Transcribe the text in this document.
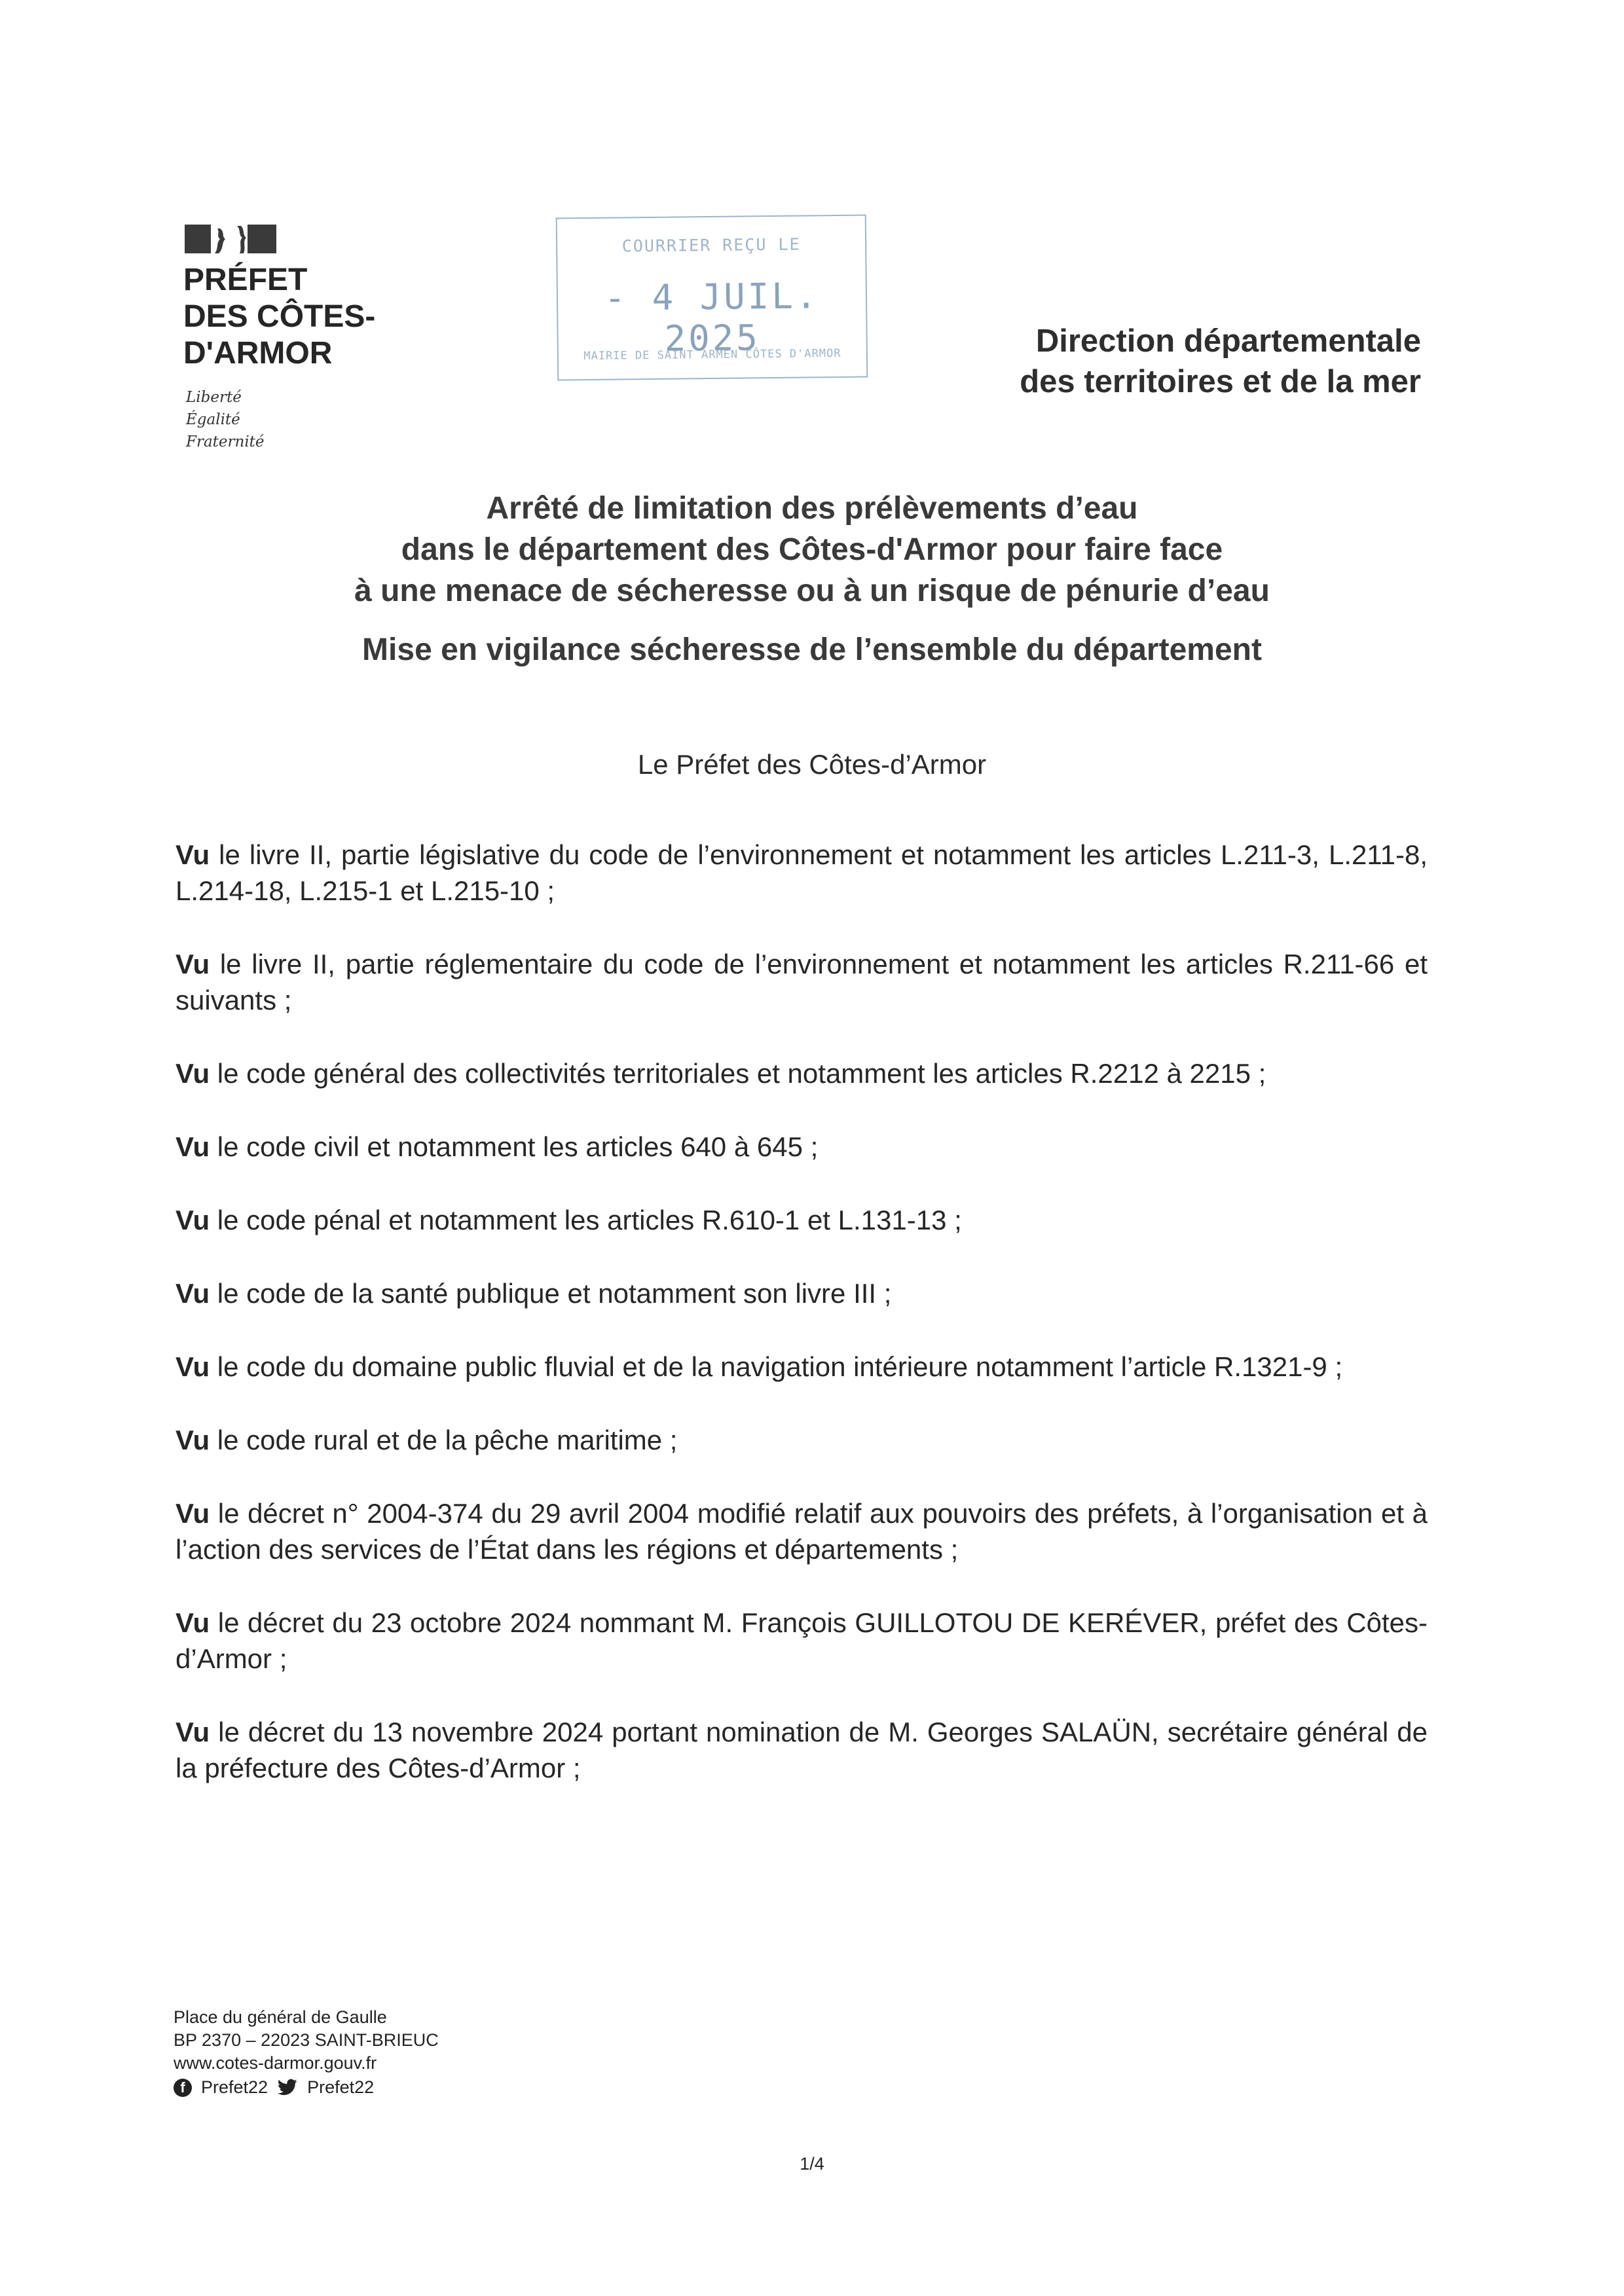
PRÉFET
DES CÔTES-
D'ARMOR
Liberté
Égalité
Fraternité
COURRIER REÇU LE
- 4 JUIL. 2025
MAIRIE DE SAINT ARMEN CÔTES D'ARMOR	Direction départementale
des territoires et de la mer
Arrêté de limitation des prélèvements d’eau
dans le département des Côtes-d'Armor pour faire face
à une menace de sécheresse ou à un risque de pénurie d’eau
Mise en vigilance sécheresse de l’ensemble du département
Le Préfet des Côtes-d’Armor

Vu le livre II, partie législative du code de l’environnement et notamment les articles L.211-3, L.211-8, L.214-18, L.215-1 et L.215-10 ;

Vu le livre II, partie réglementaire du code de l’environnement et notamment les articles R.211-66 et suivants ;

Vu le code général des collectivités territoriales et notamment les articles R.2212 à 2215 ;

Vu le code civil et notamment les articles 640 à 645 ;

Vu le code pénal et notamment les articles R.610-1 et L.131-13 ;

Vu le code de la santé publique et notamment son livre III ;

Vu le code du domaine public fluvial et de la navigation intérieure notamment l’article R.1321-9 ;

Vu le code rural et de la pêche maritime ;

Vu le décret n° 2004-374 du 29 avril 2004 modifié relatif aux pouvoirs des préfets, à l’organisation et à l’action des services de l’État dans les régions et départements ;

Vu le décret du 23 octobre 2024 nommant M. François GUILLOTOU DE KERÉVER, préfet des Côtes-d’Armor ;

Vu le décret du 13 novembre 2024 portant nomination de M. Georges SALAÜN, secrétaire général de la préfecture des Côtes-d’Armor ;

Place du général de Gaulle
BP 2370 – 22023 SAINT-BRIEUC
www.cotes-darmor.gouv.fr
f Prefet22 Prefet22
1/4
